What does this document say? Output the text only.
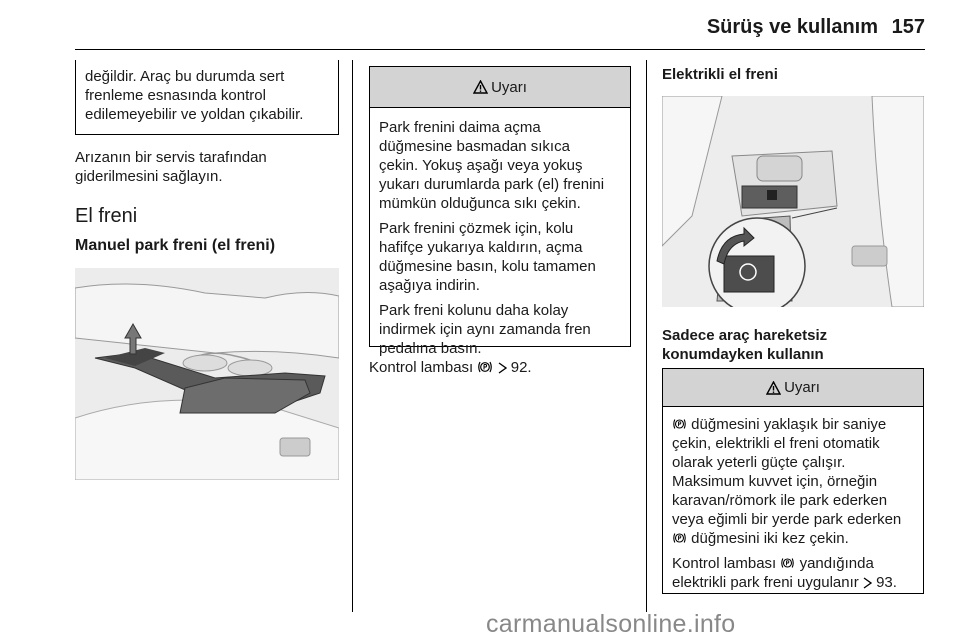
Sürüş ve kullanım 157
değildir. Araç bu durumda sert
frenleme esnasında kontrol
edilemeyebilir ve yoldan çıkabilir.
Arızanın bir servis tarafından
giderilmesini sağlayın.
El freni
Manuel park freni (el freni)
Uyarı

Park frenini daima açma
düğmesine basmadan sıkıca
çekin. Yokuş aşağı veya yokuş
yukarı durumlarda park (el) frenini
mümkün olduğunca sıkı çekin.

Park frenini çözmek için, kolu
hafifçe yukarıya kaldırın, açma
düğmesine basın, kolu tamamen
aşağıya indirin.

Park freni kolunu daha kolay
indirmek için aynı zamanda fren
pedalına basın.

Kontrol lambası	92.
Elektrikli el freni
Sadece araç hareketsiz
konumdayken kullanın
Uyarı

düğmesini yaklaşık bir saniye
çekin, elektrikli el freni otomatik
olarak yeterli güçte çalışır.
Maksimum kuvvet için, örneğin
karavan/römork ile park ederken
veya eğimli bir yerde park ederken
düğmesini iki kez çekin.

Kontrol lambası yandığında
elektrikli park freni uygulanır 93.

carmanualsonline.info
